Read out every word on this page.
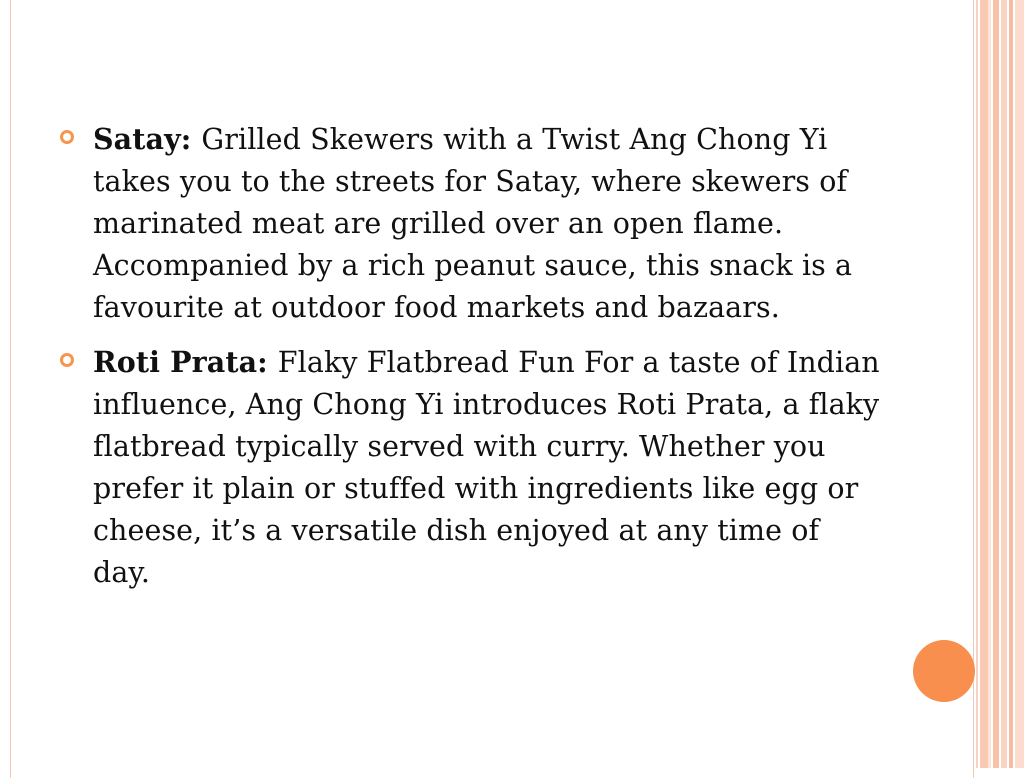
Satay: Grilled Skewers with a Twist Ang Chong Yi takes you to the streets for Satay, where skewers of marinated meat are grilled over an open flame. Accompanied by a rich peanut sauce, this snack is a favourite at outdoor food markets and bazaars.
Roti Prata: Flaky Flatbread Fun For a taste of Indian influence, Ang Chong Yi introduces Roti Prata, a flaky flatbread typically served with curry. Whether you prefer it plain or stuffed with ingredients like egg or cheese, it’s a versatile dish enjoyed at any time of day.
